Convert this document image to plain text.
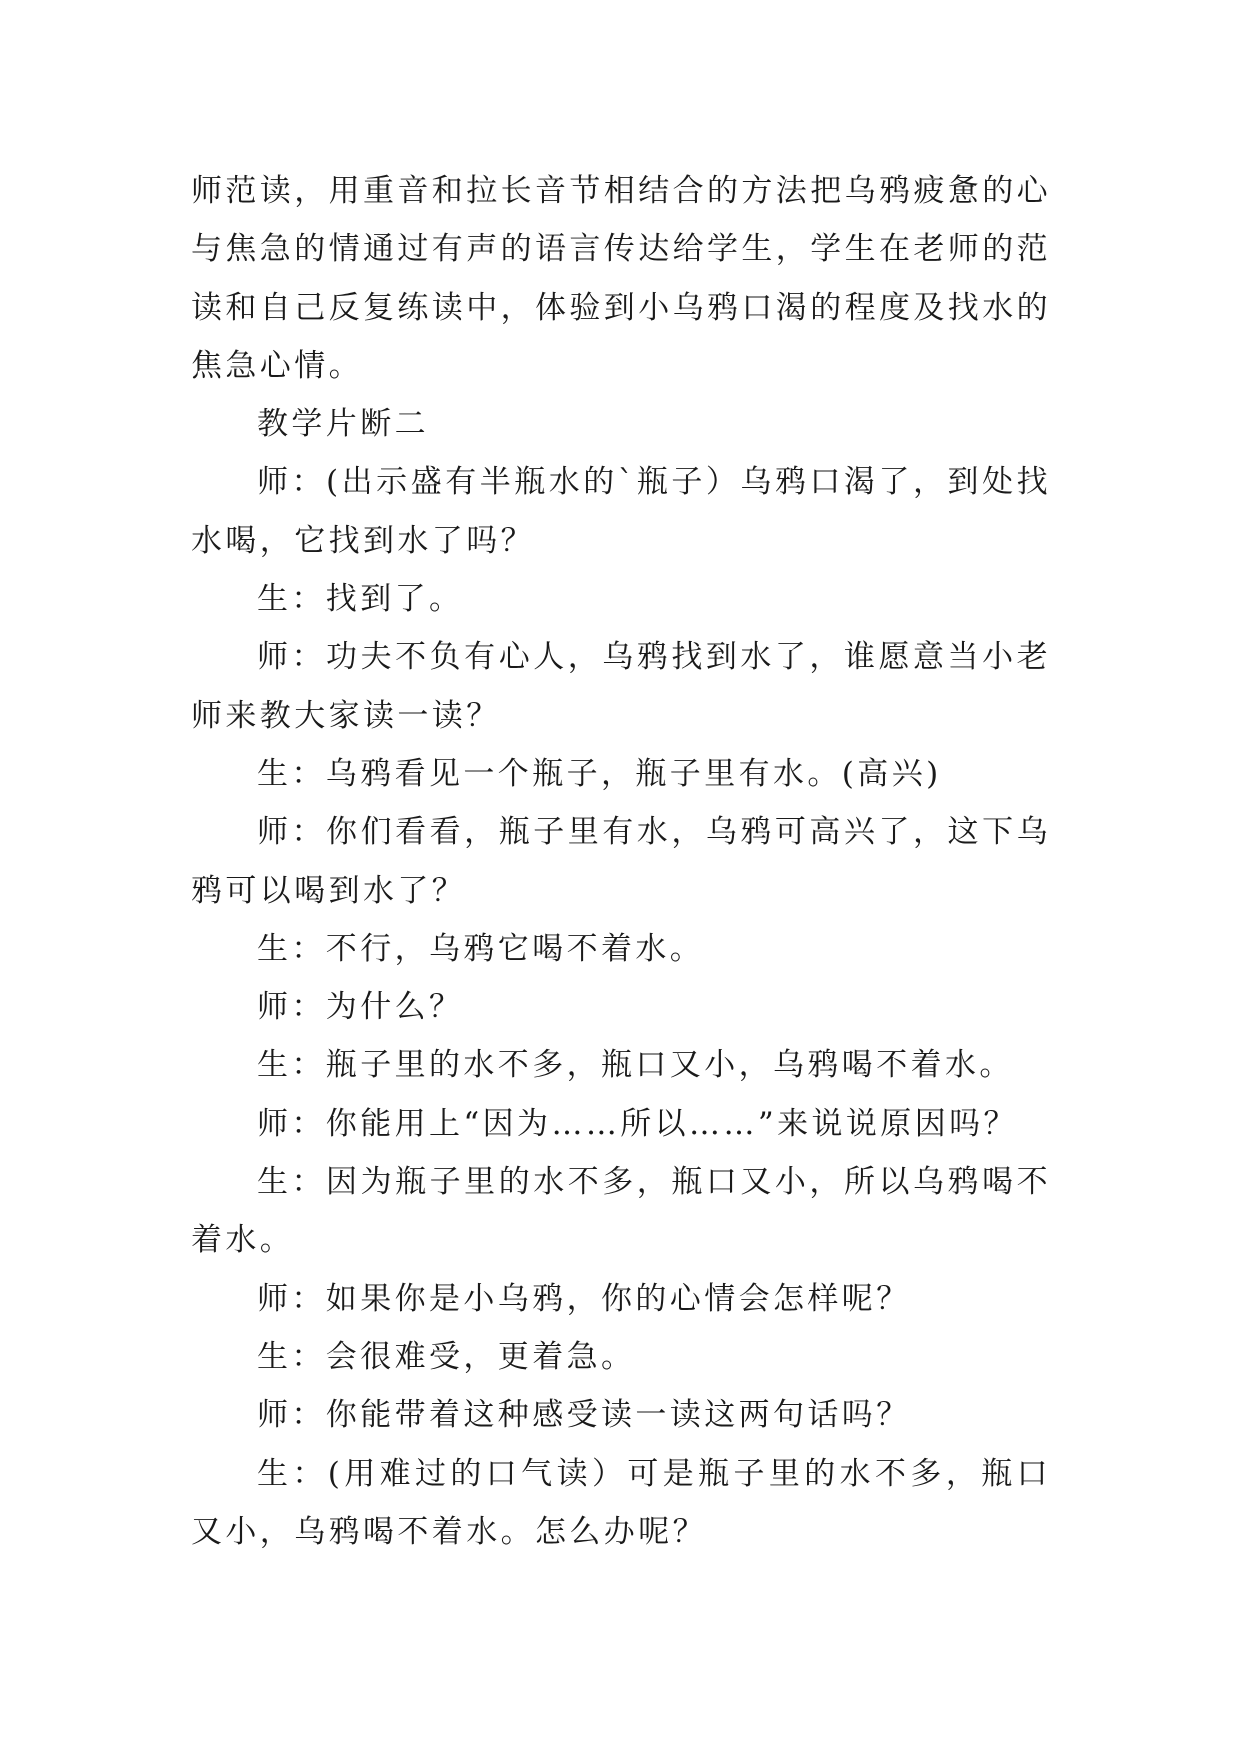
师范读，用重音和拉长音节相结合的方法把乌鸦疲惫的心与焦急的情通过有声的语言传达给学生，学生在老师的范读和自己反复练读中，体验到小乌鸦口渴的程度及找水的焦急心情。

教学片断二

师：(出示盛有半瓶水的`瓶子）乌鸦口渴了，到处找水喝，它找到水了吗？

生：找到了。

师：功夫不负有心人，乌鸦找到水了，谁愿意当小老师来教大家读一读？

生：乌鸦看见一个瓶子，瓶子里有水。(高兴)

师：你们看看，瓶子里有水，乌鸦可高兴了，这下乌鸦可以喝到水了？

生：不行，乌鸦它喝不着水。

师：为什么？

生：瓶子里的水不多，瓶口又小，乌鸦喝不着水。

师：你能用上“因为……所以……”来说说原因吗？

生：因为瓶子里的水不多，瓶口又小，所以乌鸦喝不着水。

师：如果你是小乌鸦，你的心情会怎样呢？

生：会很难受，更着急。

师：你能带着这种感受读一读这两句话吗？

生：(用难过的口气读）可是瓶子里的水不多，瓶口又小，乌鸦喝不着水。怎么办呢？
